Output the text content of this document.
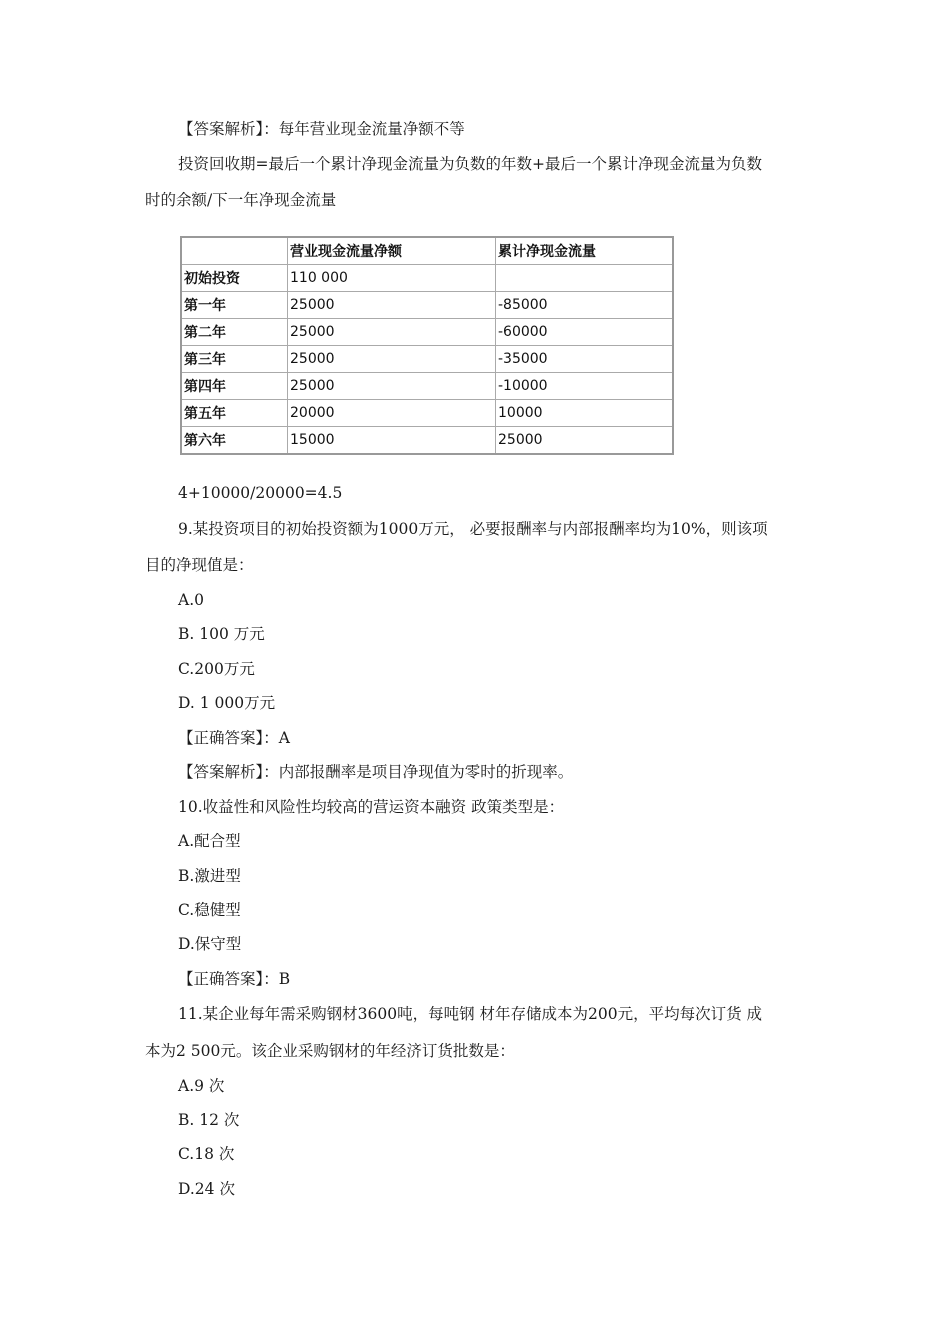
【答案解析】：每年营业现金流量净额不等
投资回收期=最后一个累计净现金流量为负数的年数+最后一个累计净现金流量为负数
时的余额/下一年净现金流量
	营业现金流量净额	累计净现金流量
初始投资	110 000	
第一年	25000	-85000
第二年	25000	-60000
第三年	25000	-35000
第四年	25000	-10000
第五年	20000	10000
第六年	15000	25000
4+10000/20000=4.5
9.某投资项目的初始投资额为1000万元， 必要报酬率与内部报酬率均为10%，则该项
目的净现值是：
A.0
B. 100 万元
C.200万元
D. 1 000万元
【正确答案】：A
【答案解析】：内部报酬率是项目净现值为零时的折现率。
10.收益性和风险性均较高的营运资本融资 政策类型是：
A.配合型
B.激进型
C.稳健型
D.保守型
【正确答案】：B
11.某企业每年需采购钢材3600吨，每吨钢 材年存储成本为200元，平均每次订货 成
本为2 500元。该企业采购钢材的年经济订货批数是：
A.9 次
B. 12 次
C.18 次
D.24 次
